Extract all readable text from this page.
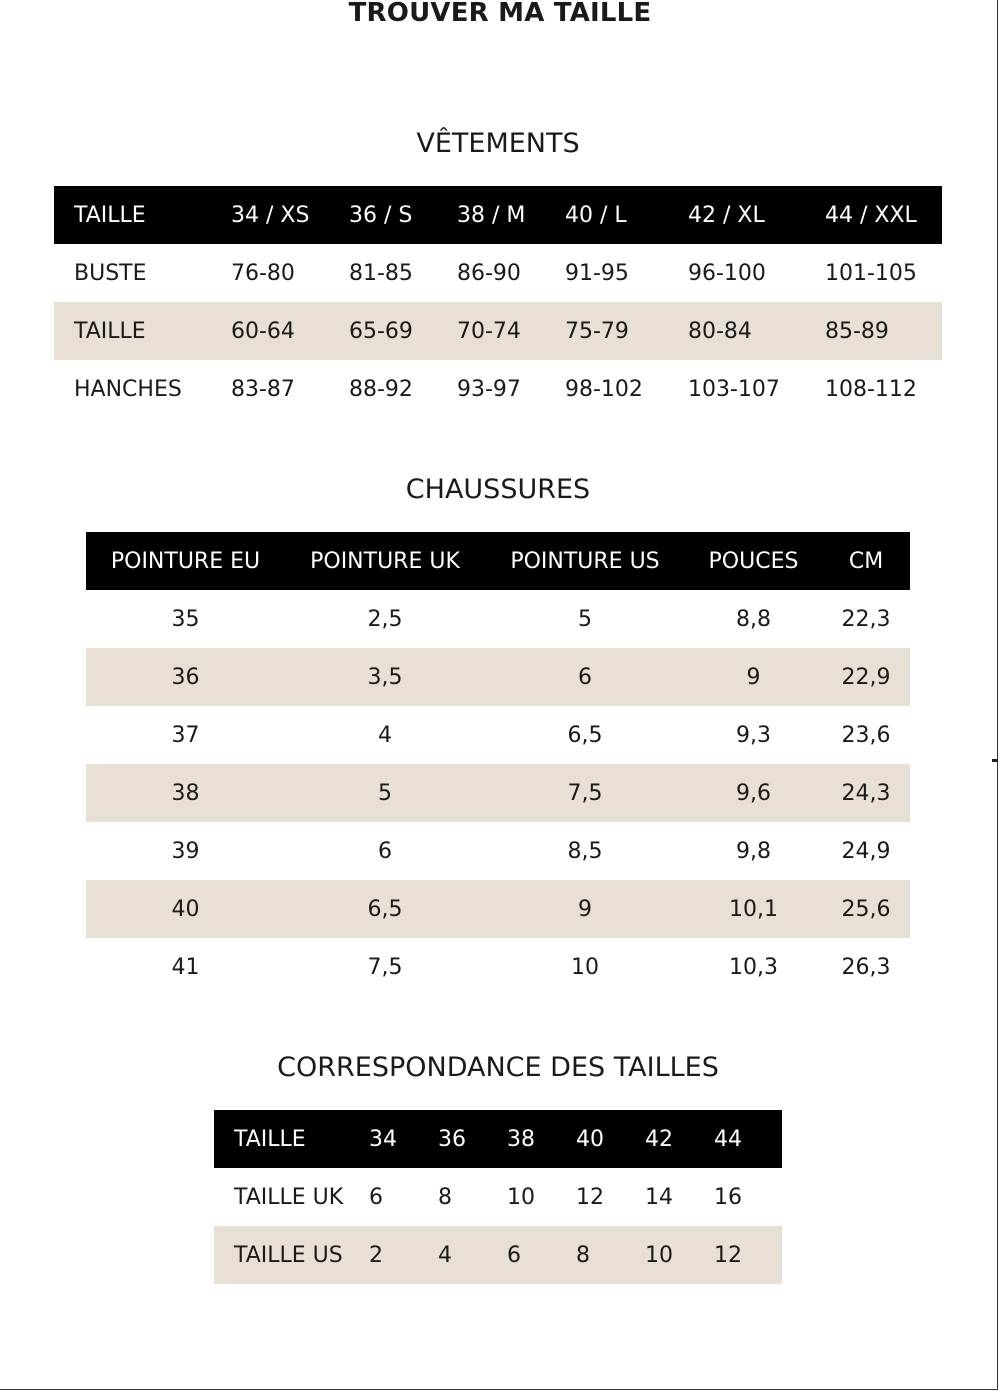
TROUVER MA TAILLE
VÊTEMENTS
TAILLE	34 / XS	36 / S	38 / M	40 / L	42 / XL	44 / XXL
BUSTE	76-80	81-85	86-90	91-95	96-100	101-105
TAILLE	60-64	65-69	70-74	75-79	80-84	85-89
HANCHES	83-87	88-92	93-97	98-102	103-107	108-112
CHAUSSURES
POINTURE EU	POINTURE UK	POINTURE US	POUCES	CM
35	2,5	5	8,8	22,3
36	3,5	6	9	22,9
37	4	6,5	9,3	23,6
38	5	7,5	9,6	24,3
39	6	8,5	9,8	24,9
40	6,5	9	10,1	25,6
41	7,5	10	10,3	26,3
CORRESPONDANCE DES TAILLES
TAILLE	34	36	38	40	42	44
TAILLE UK	6	8	10	12	14	16
TAILLE US	2	4	6	8	10	12
